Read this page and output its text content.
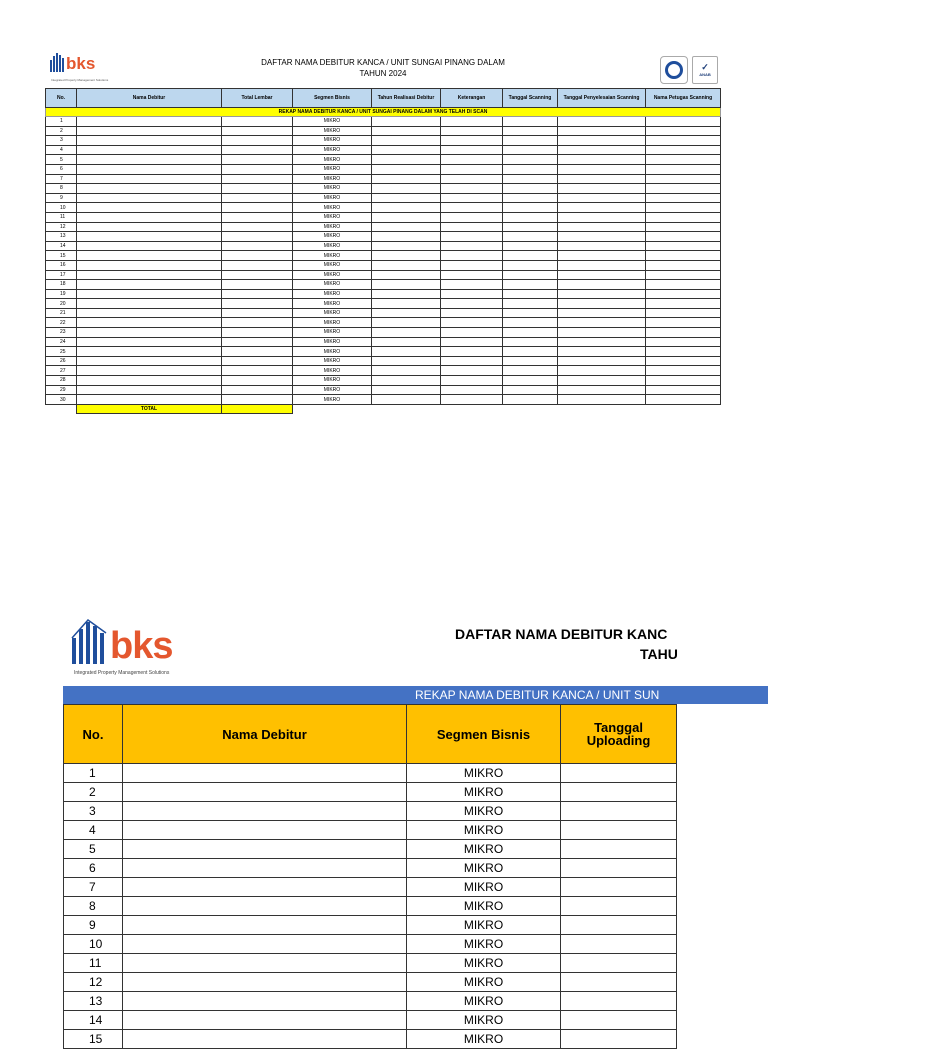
bks
Integrated Property Management Solutions
DAFTAR NAMA DEBITUR KANCA / UNIT SUNGAI PINANG DALAM
TAHUN 2024
✓
ANAB
REKAP NAMA DEBITUR KANCA / UNIT SUNGAI PINANG DALAM YANG TELAH DI SCAN								
No.	Nama Debitur	Total Lembar	Segmen Bisnis	Tahun Realisasi Debitur	Keterangan	Tanggal Scanning	Tanggal Penyelesaian Scanning	Nama Petugas Scanning
1			MIKRO					
2			MIKRO					
3			MIKRO					
4			MIKRO					
5			MIKRO					
6			MIKRO					
7			MIKRO					
8			MIKRO					
9			MIKRO					
10			MIKRO					
11			MIKRO					
12			MIKRO					
13			MIKRO					
14			MIKRO					
15			MIKRO					
16			MIKRO					
17			MIKRO					
18			MIKRO					
19			MIKRO					
20			MIKRO					
21			MIKRO					
22			MIKRO					
23			MIKRO					
24			MIKRO					
25			MIKRO					
26			MIKRO					
27			MIKRO					
28			MIKRO					
29			MIKRO					
30			MIKRO					
	TOTAL							
bks
Integrated Property Management Solutions
DAFTAR NAMA DEBITUR KANC
TAHU
REKAP NAMA DEBITUR KANCA / UNIT SUN
No.	Nama Debitur	Segmen Bisnis	Tanggal Uploading
1		MIKRO	
2		MIKRO	
3		MIKRO	
4		MIKRO	
5		MIKRO	
6		MIKRO	
7		MIKRO	
8		MIKRO	
9		MIKRO	
10		MIKRO	
11		MIKRO	
12		MIKRO	
13		MIKRO	
14		MIKRO	
15		MIKRO	
